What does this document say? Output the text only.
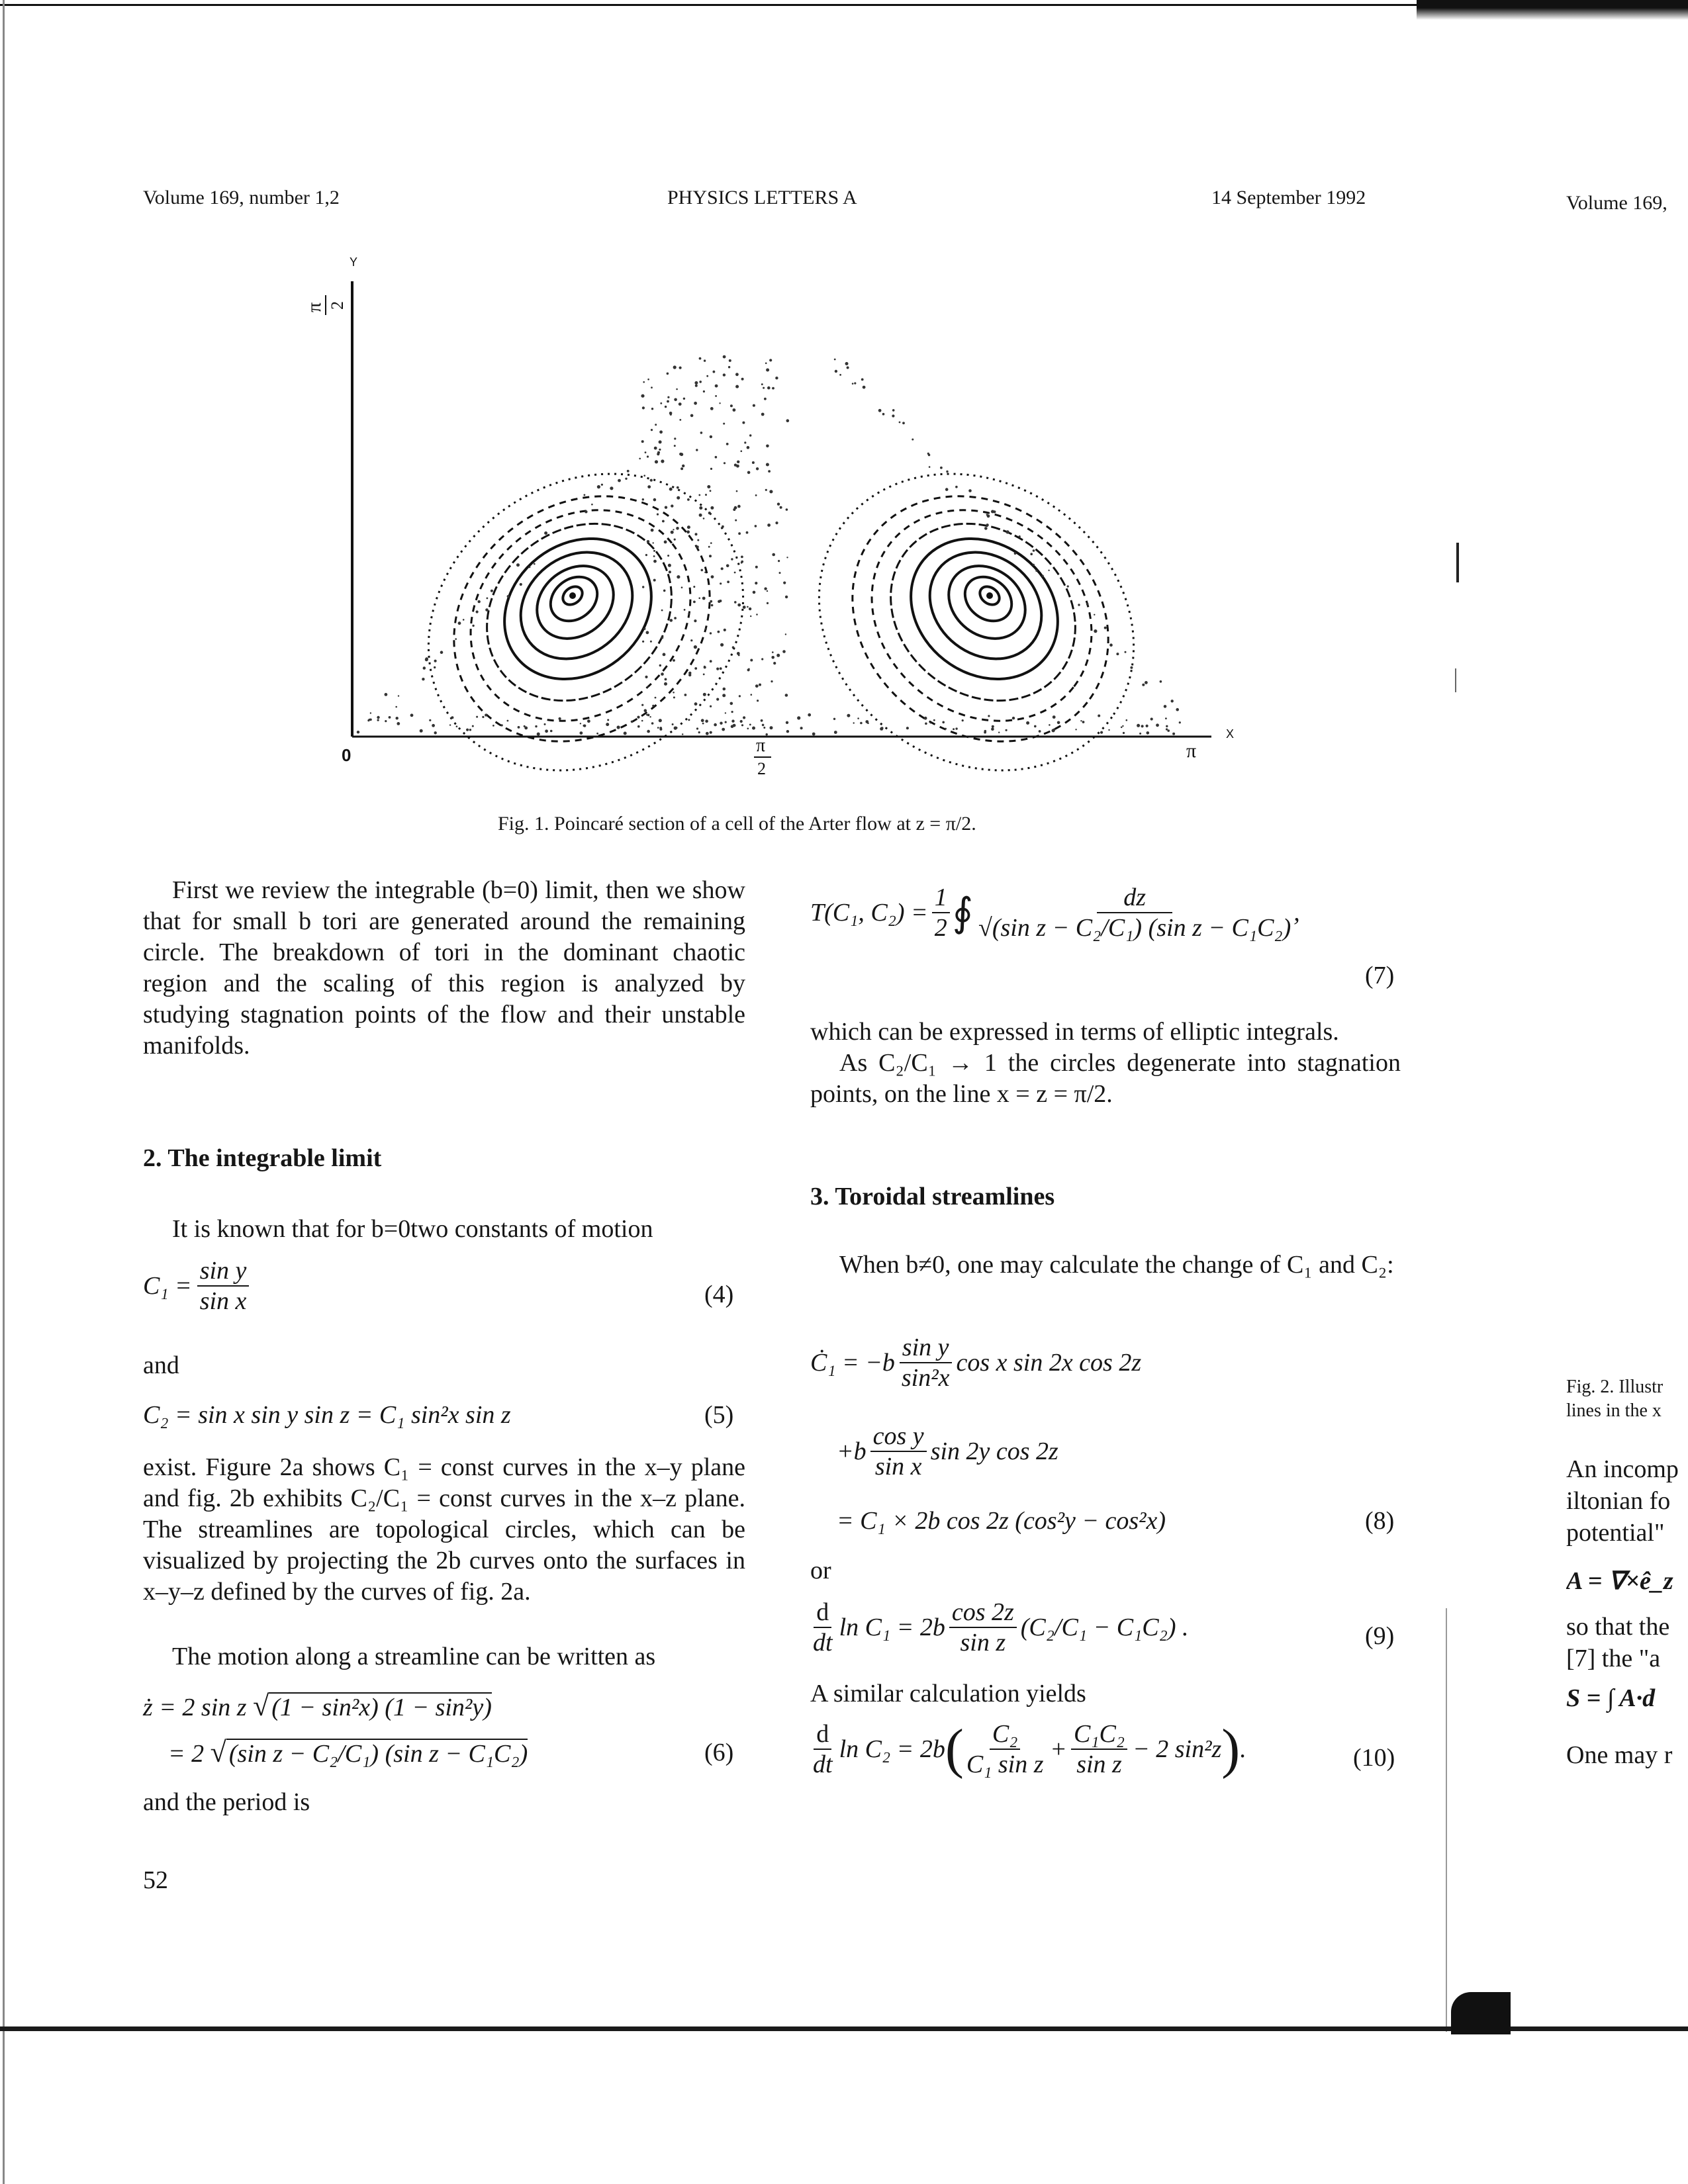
Volume 169, number 1,2	PHYSICS LETTERS A	14 September 1992	Volume 169,
Y
X
π 2
0	π
2
π
Fig. 1. Poincaré section of a cell of the Arter flow at z = π/2.

First we review the integrable (b=0) limit, then we show that for small b tori are generated around the remaining circle. The breakdown of tori in the dominant chaotic region and the scaling of this region is analyzed by studying stagnation points of the flow and their unstable manifolds.

2. The integrable limit
It is known that for b=0two constants of motion
$C_1 = \frac{\text{sin y}}{\text{sin x}}$	(4)
and
C₂ = sin x sin y sin z = C₁ sin²x sin z	(5)
exist. Figure 2a shows C₁ = const curves in the x–y plane and fig. 2b exhibits C₂/C₁ = const curves in the x–z plane. The streamlines are topological circles, which can be visualized by projecting the 2b curves onto the surfaces in x–y–z defined by the curves of fig. 2a.
The motion along a streamline can be written as
ż = 2 sin z √ (1 − sin²x) (1 − sin²y)
= 2 √ (sin z − C₂/C₁) (sin z − C₁C₂)	(6)
and the period is
52
T(C₁, $C_2) = \frac{1}{2}$ ∮ $\frac{dz}{\text{√(sin z − C₂/C₁) (sin z − C₁C₂)}}$ ,
(7)
which can be expressed in terms of elliptic integrals.
As C₂/C₁ → 1 the circles degenerate into stagnation points, on the line x = z = π/2.
3. Toroidal streamlines
When b≠0, one may calculate the change of C₁ and C₂:
Ċ₁ = $-b \frac{\text{sin y}}{\text{sin²x}}$ cos x sin 2x cos 2z
$+b \frac{\text{cos y}}{\text{sin x}}$ sin 2y cos 2z
= C₁ × 2b cos 2z (cos²y − cos²x)	(8)
or
$\frac{d}{dt}$ $\ln C_1 = 2b \frac{\cos 2z}{\text{sin z}} (C_2/C_1 - C_1C_2)$ .	(9)
A similar calculation yields
$\frac{d}{dt}$ ln C₂ = 2b ( $\frac{\text{C₂}}{\text{C₁ sin z}} + \frac{\text{C₁C₂}}{\text{sin z}} - 2$ sin²z ) .	(10)
Fig. 2. Illustr
lines in the x
An incomp
iltonian fo
potential"
A = ∇×ê_z
so that the
[7] the "a
S = ∫ A·d
One may r
